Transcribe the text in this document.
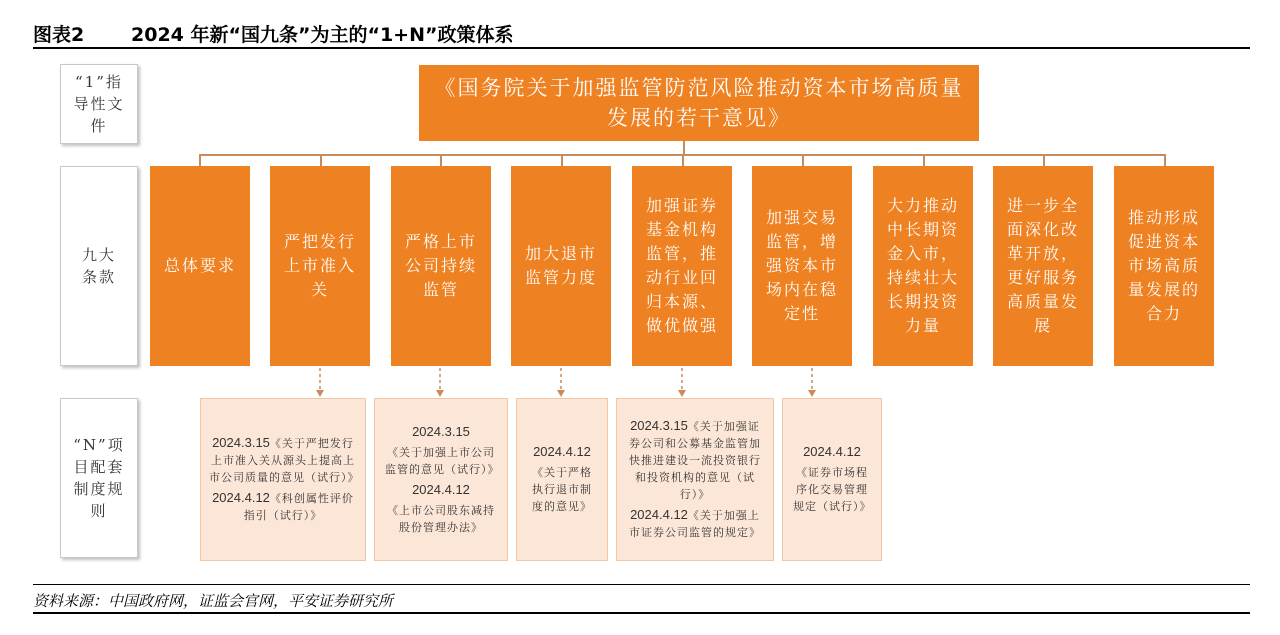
图表2 2024 年新“国九条”为主的“1+N”政策体系
“1”指导性文件
九大条款
“N”项目配套制度规则
《国务院关于加强监管防范风险推动资本市场高质量发展的若干意见》
总体要求
严把发行上市准入关
严格上市公司持续监管
加大退市监管力度
加强证券基金机构监管，推动行业回归本源、做优做强
加强交易监管，增强资本市场内在稳定性
大力推动中长期资金入市，持续壮大长期投资力量
进一步全面深化改革开放，更好服务高质量发展
推动形成促进资本市场高质量发展的合力

2024.3.15《关于严把发行上市准入关从源头上提高上市公司质量的意见（试行）》

2024.4.12《科创属性评价指引（试行）》

2024.3.15

《关于加强上市公司监管的意见（试行）》

2024.4.12

《上市公司股东减持股份管理办法》

2024.4.12

《关于严格执行退市制度的意见》

2024.3.15《关于加强证券公司和公募基金监管加快推进建设一流投资银行和投资机构的意见（试行）》

2024.4.12《关于加强上市证券公司监管的规定》

2024.4.12

《证券市场程序化交易管理规定（试行）》

资料来源：中国政府网，证监会官网，平安证券研究所
